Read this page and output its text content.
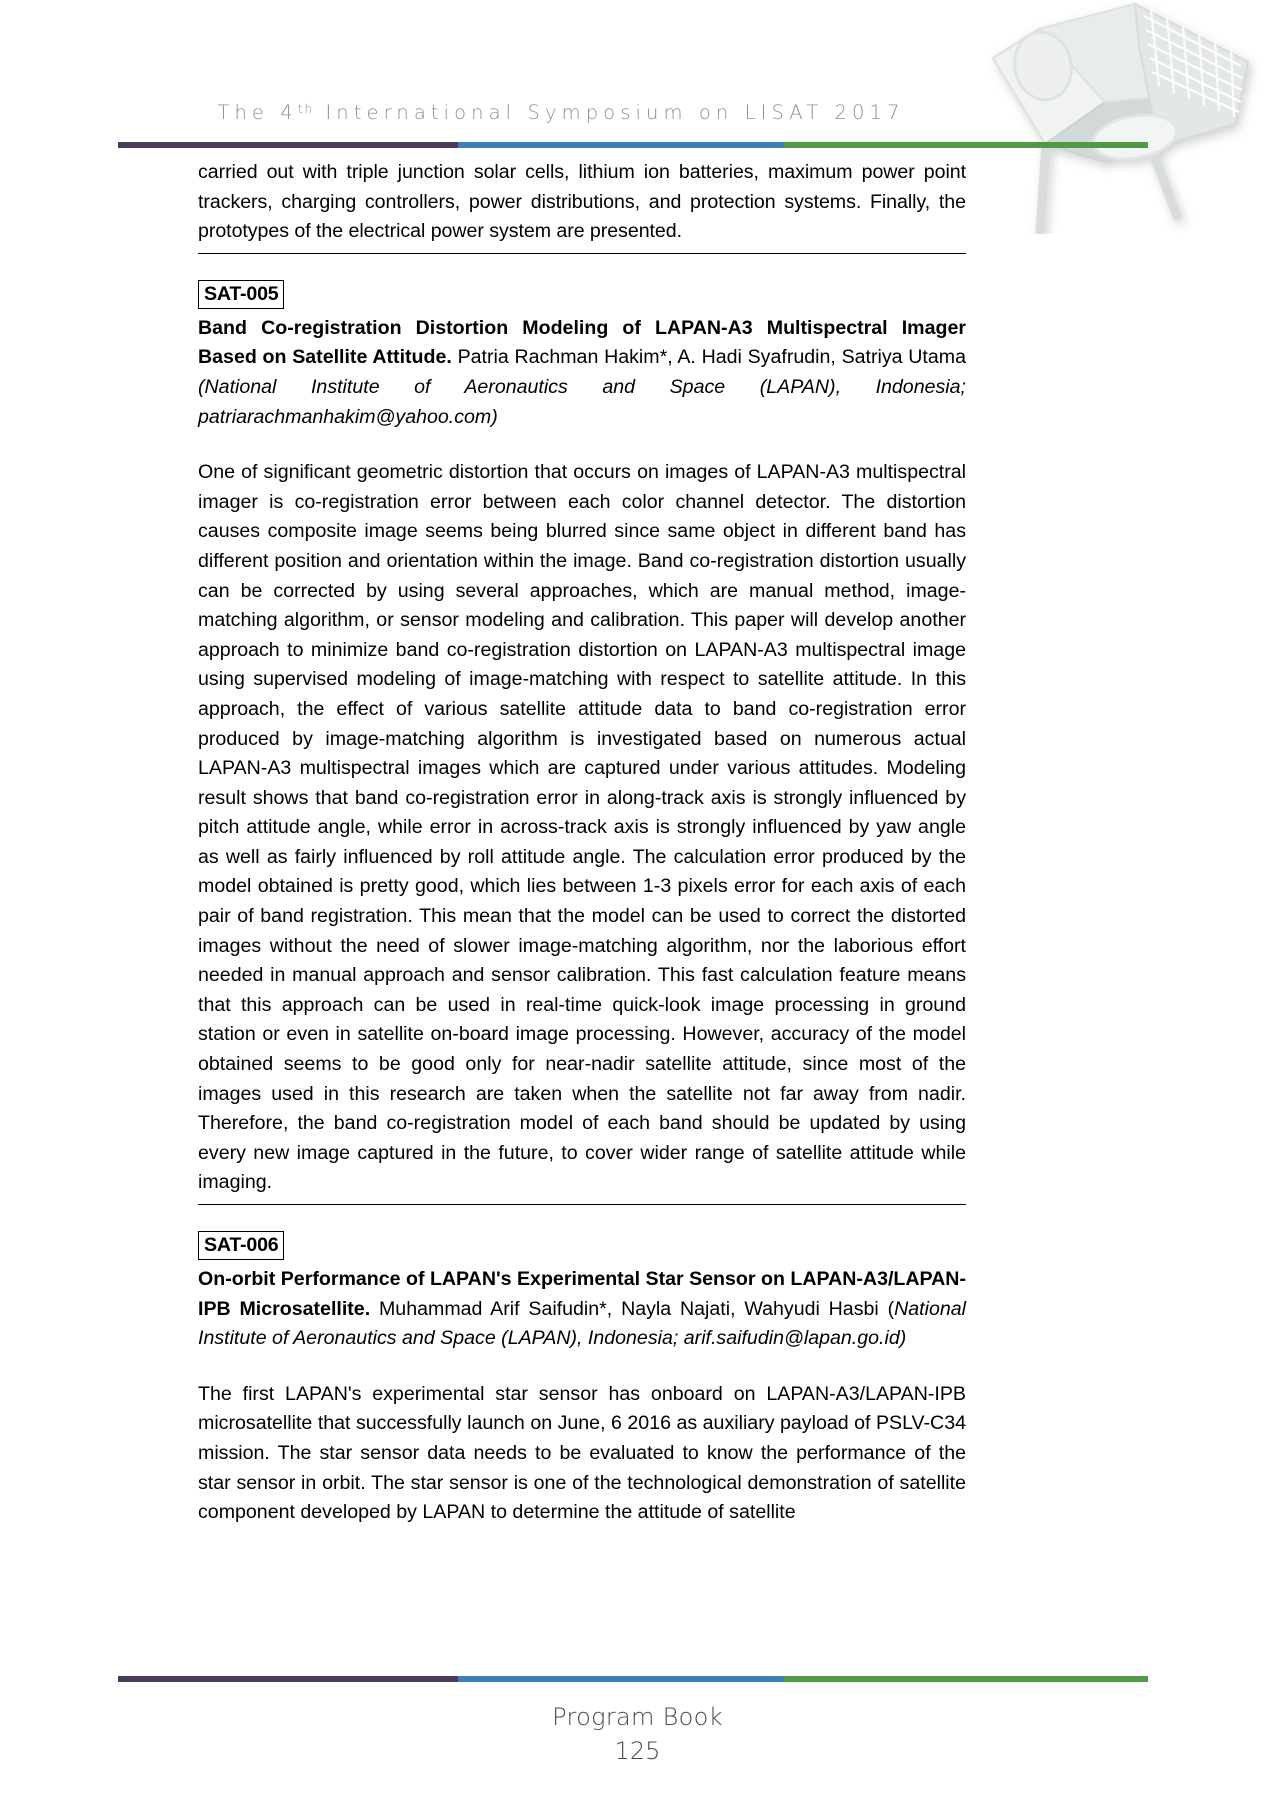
The 4th International Symposium on LISAT 2017

carried out with triple junction solar cells, lithium ion batteries, maximum power point trackers, charging controllers, power distributions, and protection systems. Finally, the prototypes of the electrical power system are presented.

SAT-005
Band Co-registration Distortion Modeling of LAPAN-A3 Multispectral Imager Based on Satellite Attitude. Patria Rachman Hakim*, A. Hadi Syafrudin, Satriya Utama (National Institute of Aeronautics and Space (LAPAN), Indonesia; patriarachmanhakim@yahoo.com)

One of significant geometric distortion that occurs on images of LAPAN-A3 multispectral imager is co-registration error between each color channel detector. The distortion causes composite image seems being blurred since same object in different band has different position and orientation within the image. Band co-registration distortion usually can be corrected by using several approaches, which are manual method, image-matching algorithm, or sensor modeling and calibration. This paper will develop another approach to minimize band co-registration distortion on LAPAN-A3 multispectral image using supervised modeling of image-matching with respect to satellite attitude. In this approach, the effect of various satellite attitude data to band co-registration error produced by image-matching algorithm is investigated based on numerous actual LAPAN-A3 multispectral images which are captured under various attitudes. Modeling result shows that band co-registration error in along-track axis is strongly influenced by pitch attitude angle, while error in across-track axis is strongly influenced by yaw angle as well as fairly influenced by roll attitude angle. The calculation error produced by the model obtained is pretty good, which lies between 1-3 pixels error for each axis of each pair of band registration. This mean that the model can be used to correct the distorted images without the need of slower image-matching algorithm, nor the laborious effort needed in manual approach and sensor calibration. This fast calculation feature means that this approach can be used in real-time quick-look image processing in ground station or even in satellite on-board image processing. However, accuracy of the model obtained seems to be good only for near-nadir satellite attitude, since most of the images used in this research are taken when the satellite not far away from nadir. Therefore, the band co-registration model of each band should be updated by using every new image captured in the future, to cover wider range of satellite attitude while imaging.

SAT-006
On-orbit Performance of LAPAN's Experimental Star Sensor on LAPAN-A3/LAPAN-IPB Microsatellite. Muhammad Arif Saifudin*, Nayla Najati, Wahyudi Hasbi (National Institute of Aeronautics and Space (LAPAN), Indonesia; arif.saifudin@lapan.go.id)

The first LAPAN's experimental star sensor has onboard on LAPAN-A3/LAPAN-IPB microsatellite that successfully launch on June, 6 2016 as auxiliary payload of PSLV-C34 mission. The star sensor data needs to be evaluated to know the performance of the star sensor in orbit. The star sensor is one of the technological demonstration of satellite component developed by LAPAN to determine the attitude of satellite

Program Book
125
